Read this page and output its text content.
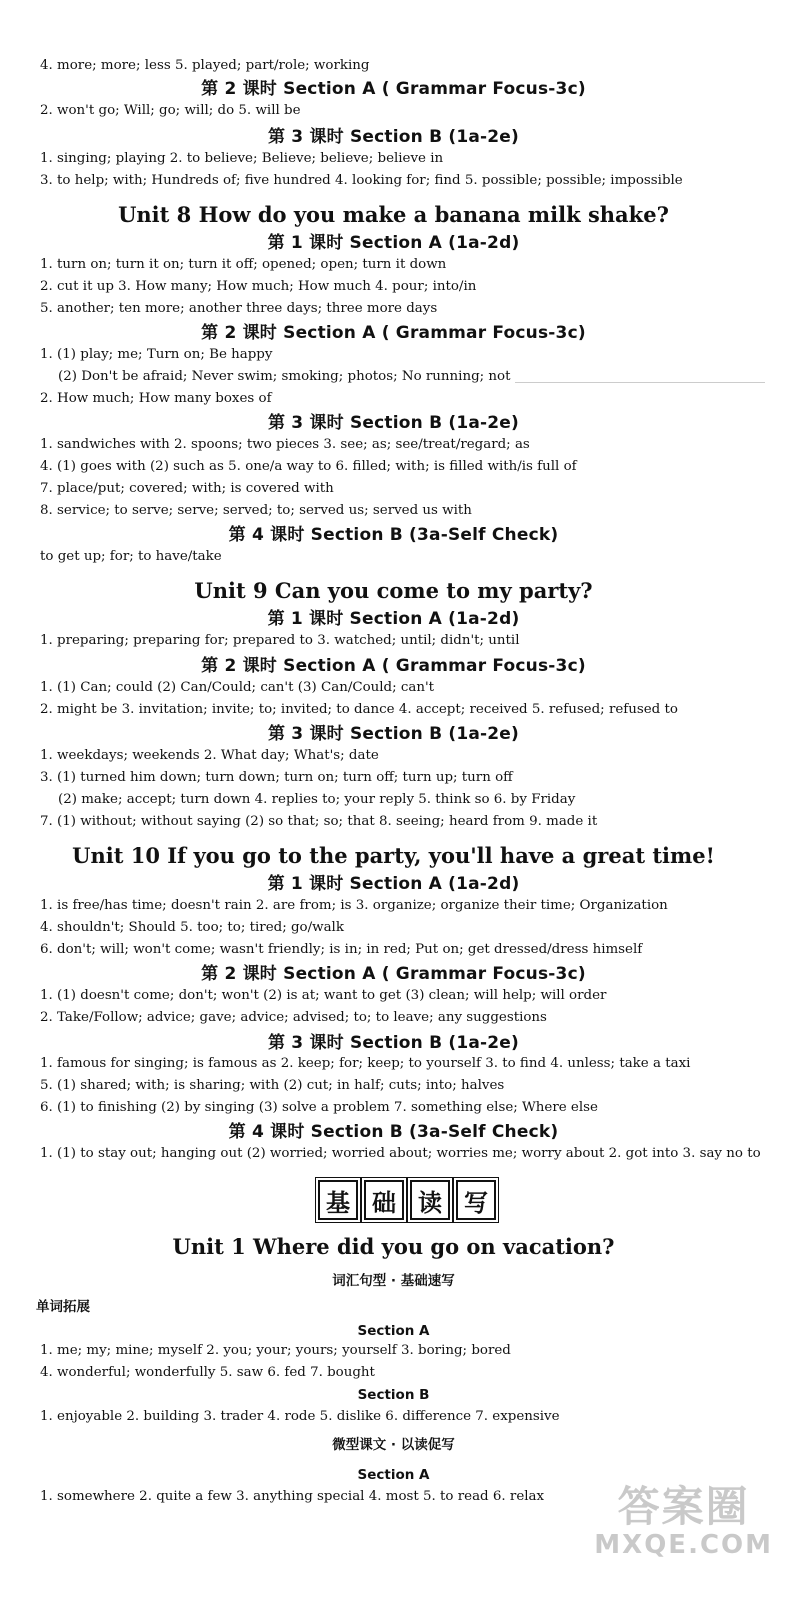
4. more; more; less 5. played; part/role; working
第 2 课时 Section A ( Grammar Focus-3c)
2. won't go; Will; go; will; do 5. will be
第 3 课时 Section B (1a-2e)
1. singing; playing 2. to believe; Believe; believe; believe in
3. to help; with; Hundreds of; five hundred 4. looking for; find 5. possible; possible; impossible
Unit 8 How do you make a banana milk shake?
第 1 课时 Section A (1a-2d)
1. turn on; turn it on; turn it off; opened; open; turn it down
2. cut it up 3. How many; How much; How much 4. pour; into/in
5. another; ten more; another three days; three more days
第 2 课时 Section A ( Grammar Focus-3c)
1. (1) play; me; Turn on; Be happy
(2) Don't be afraid; Never swim; smoking; photos; No running; not
2. How much; How many boxes of
第 3 课时 Section B (1a-2e)
1. sandwiches with 2. spoons; two pieces 3. see; as; see/treat/regard; as
4. (1) goes with (2) such as 5. one/a way to 6. filled; with; is filled with/is full of
7. place/put; covered; with; is covered with
8. service; to serve; serve; served; to; served us; served us with
第 4 课时 Section B (3a-Self Check)
to get up; for; to have/take
Unit 9 Can you come to my party?
第 1 课时 Section A (1a-2d)
1. preparing; preparing for; prepared to 3. watched; until; didn't; until
第 2 课时 Section A ( Grammar Focus-3c)
1. (1) Can; could (2) Can/Could; can't (3) Can/Could; can't
2. might be 3. invitation; invite; to; invited; to dance 4. accept; received 5. refused; refused to
第 3 课时 Section B (1a-2e)
1. weekdays; weekends 2. What day; What's; date
3. (1) turned him down; turn down; turn on; turn off; turn up; turn off
(2) make; accept; turn down 4. replies to; your reply 5. think so 6. by Friday
7. (1) without; without saying (2) so that; so; that 8. seeing; heard from 9. made it
Unit 10 If you go to the party, you'll have a great time!
第 1 课时 Section A (1a-2d)
1. is free/has time; doesn't rain 2. are from; is 3. organize; organize their time; Organization
4. shouldn't; Should 5. too; to; tired; go/walk
6. don't; will; won't come; wasn't friendly; is in; in red; Put on; get dressed/dress himself
第 2 课时 Section A ( Grammar Focus-3c)
1. (1) doesn't come; don't; won't (2) is at; want to get (3) clean; will help; will order
2. Take/Follow; advice; gave; advice; advised; to; to leave; any suggestions
第 3 课时 Section B (1a-2e)
1. famous for singing; is famous as 2. keep; for; keep; to yourself 3. to find 4. unless; take a taxi
5. (1) shared; with; is sharing; with (2) cut; in half; cuts; into; halves
6. (1) to finishing (2) by singing (3) solve a problem 7. something else; Where else
第 4 课时 Section B (3a-Self Check)
1. (1) to stay out; hanging out (2) worried; worried about; worries me; worry about 2. got into 3. say no to
Unit 1 Where did you go on vacation?
词汇句型 · 基础速写
单词拓展
Section A
1. me; my; mine; myself 2. you; your; yours; yourself 3. boring; bored
4. wonderful; wonderfully 5. saw 6. fed 7. bought
Section B
1. enjoyable 2. building 3. trader 4. rode 5. dislike 6. difference 7. expensive
微型课文 · 以读促写
Section A
1. somewhere 2. quite a few 3. anything special 4. most 5. to read 6. relax
基 础 读 写
答案圈
MXQE.COM
